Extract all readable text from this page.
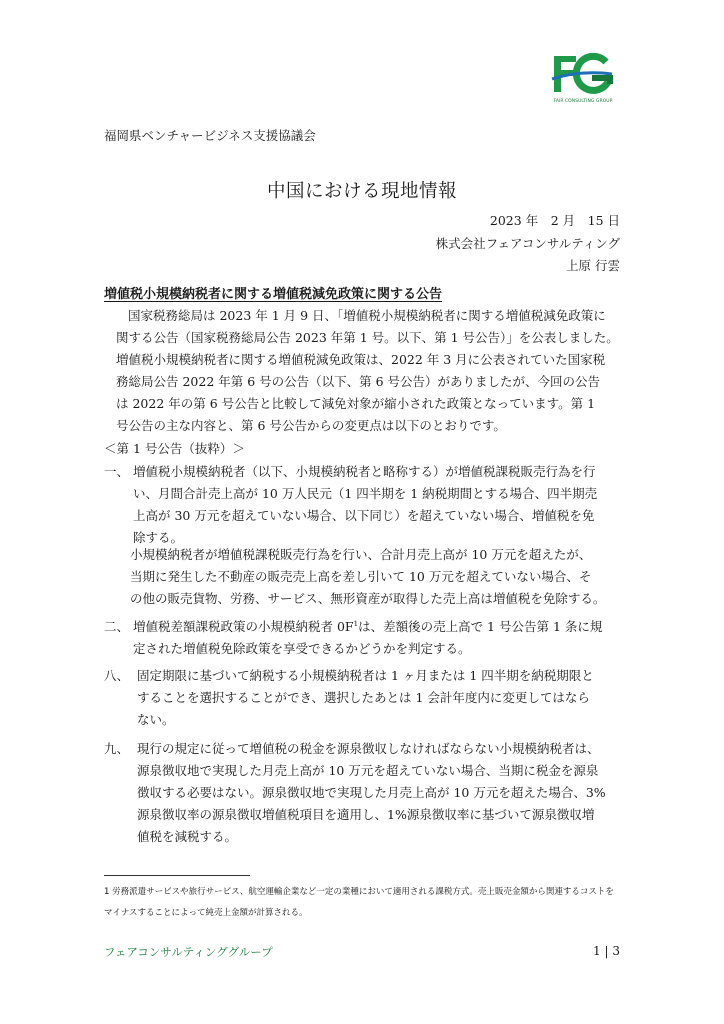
FAIR CONSULTING GROUP
福岡県ベンチャービジネス支援協議会
中国における現地情報
2023 年　2 月　15 日
株式会社フェアコンサルティング
上原 行雲
増値税小規模納税者に関する増値税減免政策に関する公告
国家税務総局は 2023 年 1 月 9 日、「増値税小規模納税者に関する増値税減免政策に
関する公告（国家税務総局公告 2023 年第 1 号。以下、第 1 号公告）」を公表しました。
増値税小規模納税者に関する増値税減免政策は、2022 年 3 月に公表されていた国家税
務総局公告 2022 年第 6 号の公告（以下、第 6 号公告）がありましたが、今回の公告
は 2022 年の第 6 号公告と比較して減免対象が縮小された政策となっています。第 1
号公告の主な内容と、第 6 号公告からの変更点は以下のとおりです。
＜第 1 号公告（抜粋）＞
一、 増値税小規模納税者（以下、小規模納税者と略称する）が増値税課税販売行為を行
い、月間合計売上高が 10 万人民元（1 四半期を 1 納税期間とする場合、四半期売
上高が 30 万元を超えていない場合、以下同じ）を超えていない場合、増値税を免
除する。
小規模納税者が増値税課税販売行為を行い、合計月売上高が 10 万元を超えたが、
当期に発生した不動産の販売売上高を差し引いて 10 万元を超えていない場合、そ
の他の販売貨物、労務、サービス、無形資産が取得した売上高は増値税を免除する。
二、 増値税差額課税政策の小規模納税者 $0F^1$は、差額後の売上高で 1 号公告第 1 条に規
定された増値税免除政策を享受できるかどうかを判定する。
八、 固定期限に基づいて納税する小規模納税者は 1 ヶ月または 1 四半期を納税期限と
することを選択することができ、選択したあとは 1 会計年度内に変更してはなら
ない。
九、 現行の規定に従って増値税の税金を源泉徴収しなければならない小規模納税者は、
源泉徴収地で実現した月売上高が 10 万元を超えていない場合、当期に税金を源泉
徴収する必要はない。源泉徴収地で実現した月売上高が 10 万元を超えた場合、3%
源泉徴収率の源泉徴収増値税項目を適用し、1%源泉徴収率に基づいて源泉徴収増
値税を減税する。
1 労務派遣サービスや旅行サービス、航空運輸企業など一定の業種において適用される課税方式。売上販売金額から関連するコストを
マイナスすることによって純売上金額が計算される。
フェアコンサルティンググループ	1 | 3
